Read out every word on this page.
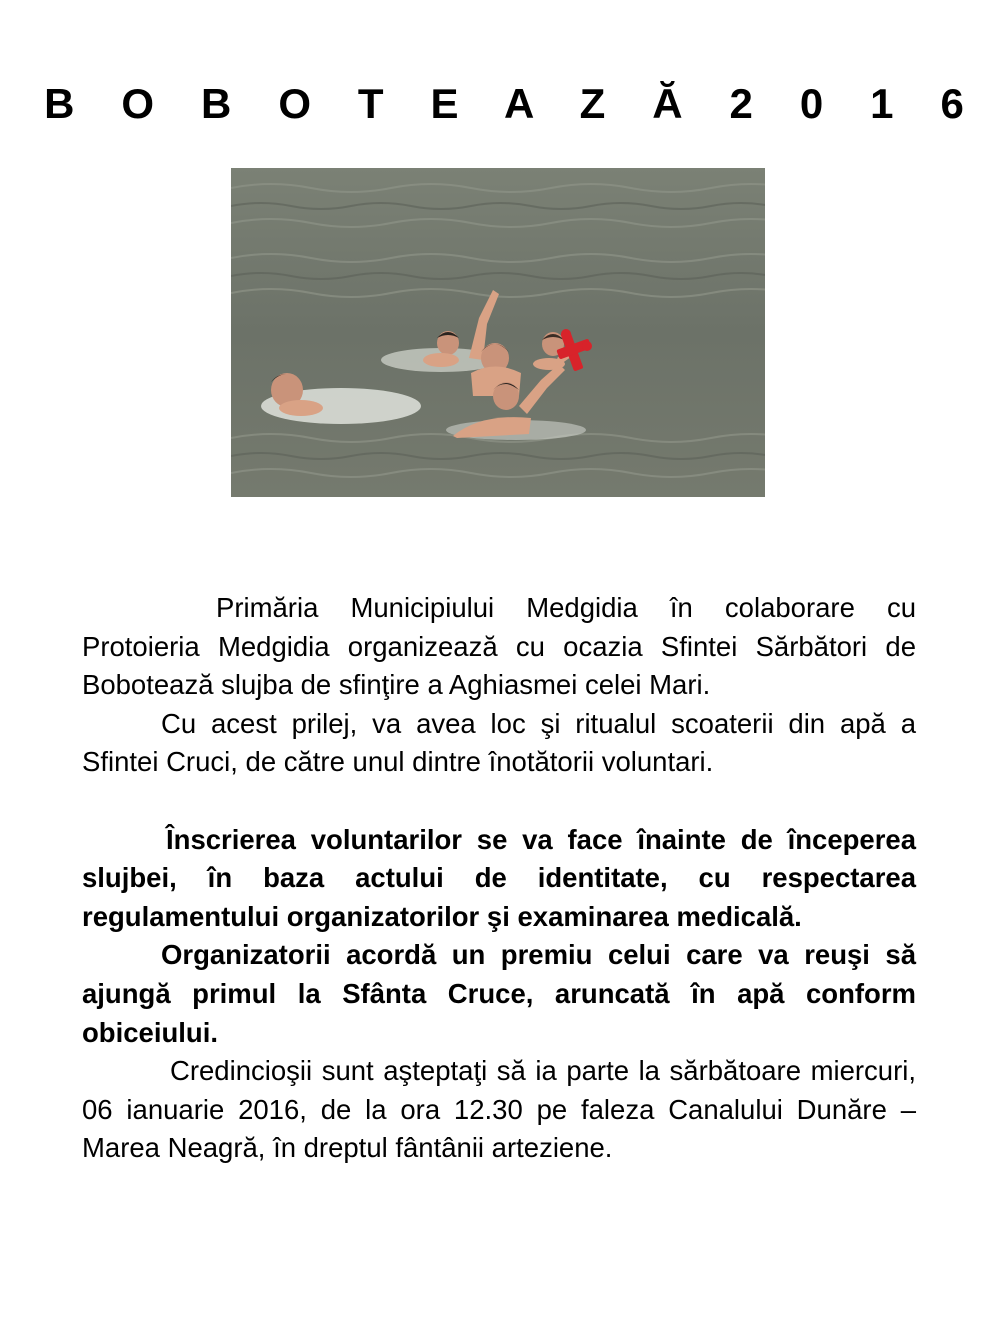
B O B O T E A Z Ă 2 0 1 6

Primăria Municipiului Medgidia în colaborare cu Protoieria Medgidia organizează cu ocazia Sfintei Sărbători de Bobotează slujba de sfinţire a Aghiasmei celei Mari.

Cu acest prilej, va avea loc şi ritualul scoaterii din apă a Sfintei Cruci, de către unul dintre înotătorii voluntari.

Înscrierea voluntarilor se va face înainte de începerea slujbei, în baza actului de identitate, cu respectarea regulamentului organizatorilor şi examinarea medicală.

Organizatorii acordă un premiu celui care va reuşi să ajungă primul la Sfânta Cruce, aruncată în apă conform obiceiului.

Credincioşii sunt aşteptaţi să ia parte la sărbătoare miercuri, 06 ianuarie 2016, de la ora 12.30 pe faleza Canalului Dunăre – Marea Neagră, în dreptul fântânii arteziene.
